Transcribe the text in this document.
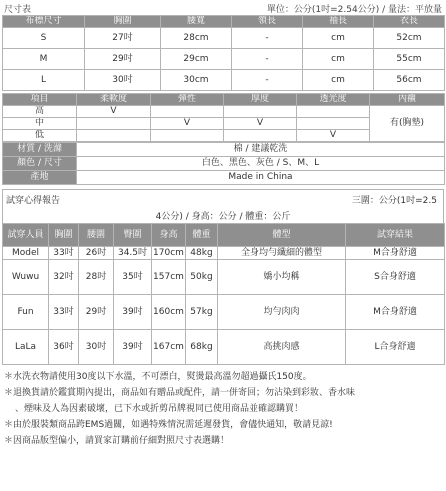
尺寸表	單位：公分(1吋=2.54公分) / 量法：平放量
布標尺寸	胸圍	腰寬	領長	袖長	衣長
S	27吋	28cm	-	cm	52cm
M	29吋	29cm	-	cm	55cm
L	30吋	30cm	-	cm	56cm
項目	柔軟度	彈性	厚度	透光度	內襯
高	V				有(胸墊)
中		V	V		
低				V	
材質 / 洗滌	棉 / 建議乾洗
顏色 / 尺寸	白色、黑色、灰色 / S、M、L
產地	Made in China
試穿心得報告	三圍：公分(1吋=2.5
4公分) / 身高：公分 / 體重：公斤
試穿人員	胸圍	腰圍	臀圍	身高	體重	體型	試穿結果
Model	33吋	26吋	34.5吋	170cm	48kg	全身均勻纖細的體型	M合身舒適
Wuwu	32吋	28吋	35吋	157cm	50kg	嬌小均稱	S合身舒適
Fun	33吋	29吋	39吋	160cm	57kg	均勻肉肉	M合身舒適
LaLa	36吋	30吋	39吋	167cm	68kg	高挑肉感	L合身舒適
＊水洗衣物請使用30度以下水溫，不可漂白，熨燙最高溫勿超過攝氏150度。
＊退換貨請於鑑賞期內提出，商品如有贈品或配件，請一併寄回；勿沾染到彩妝、香水味
、煙味及人為因素破壞，已下水或折剪吊牌視同已使用商品並確認購買！
＊由於服裝類商品跨EMS過關，如遇特殊情況需延遲發貨，會儘快通知，敬請見諒!
＊因商品版型偏小，請買家訂購前仔細對照尺寸表選購！
